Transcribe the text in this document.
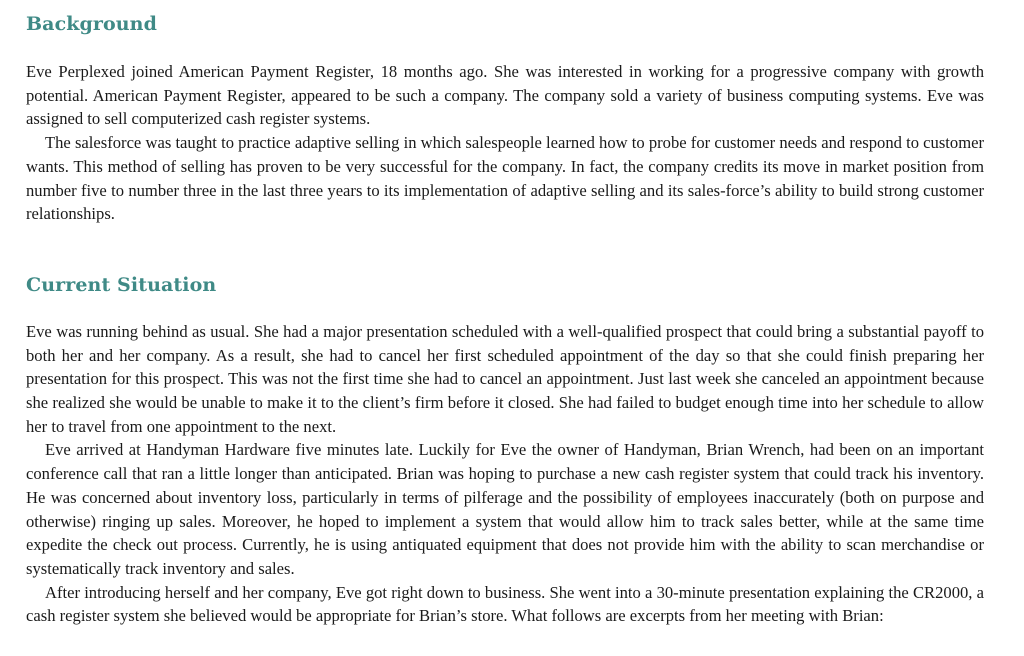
Background

Eve Perplexed joined American Payment Register, 18 months ago. She was interested in working for a progressive company with growth potential. American Payment Register, appeared to be such a company. The company sold a variety of business computing systems. Eve was assigned to sell computerized cash register systems.

The salesforce was taught to practice adaptive selling in which salespeople learned how to probe for customer needs and respond to customer wants. This method of selling has proven to be very successful for the company. In fact, the company credits its move in market position from number five to number three in the last three years to its implementation of adaptive selling and its sales-force’s ability to build strong customer relationships.

Current Situation

Eve was running behind as usual. She had a major presentation scheduled with a well-qualified prospect that could bring a substantial payoff to both her and her company. As a result, she had to cancel her first scheduled appointment of the day so that she could finish preparing her presentation for this prospect. This was not the first time she had to cancel an appointment. Just last week she canceled an appointment because she realized she would be unable to make it to the client’s firm before it closed. She had failed to budget enough time into her schedule to allow her to travel from one appointment to the next.

Eve arrived at Handyman Hardware five minutes late. Luckily for Eve the owner of Handyman, Brian Wrench, had been on an important conference call that ran a little longer than anticipated. Brian was hoping to purchase a new cash register system that could track his inventory. He was concerned about inventory loss, particularly in terms of pilferage and the possibility of employees inaccurately (both on purpose and otherwise) ringing up sales. Moreover, he hoped to implement a system that would allow him to track sales better, while at the same time expedite the check out process. Currently, he is using antiquated equipment that does not provide him with the ability to scan merchandise or systematically track inventory and sales.

After introducing herself and her company, Eve got right down to business. She went into a 30-minute presentation explaining the CR2000, a cash register system she believed would be appropriate for Brian’s store. What follows are excerpts from her meeting with Brian:
